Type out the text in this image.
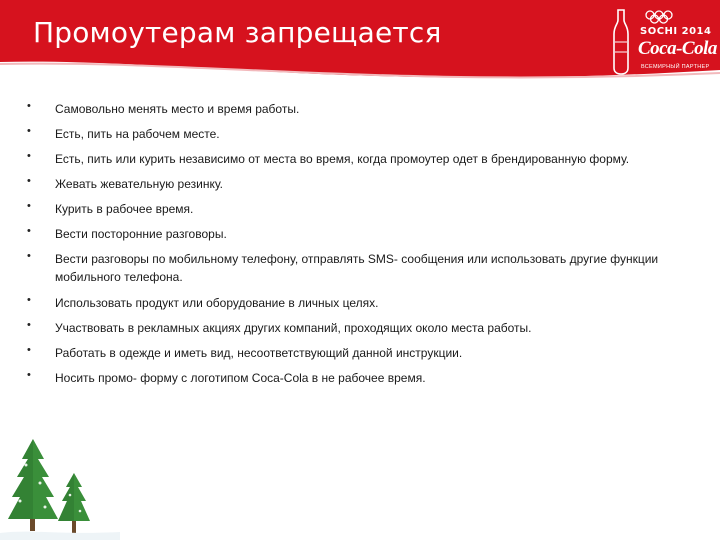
Промоутерам запрещается	SOCHI 2014
Coca-Cola
ВСЕМИРНЫЙ ПАРТНЕР
• Самовольно менять место и время работы.
• Есть, пить на рабочем месте.
• Есть, пить или курить независимо от места во время, когда промоутер одет в брендированную форму.
• Жевать жевательную резинку.
• Курить в рабочее время.
• Вести посторонние разговоры.
• Вести разговоры по мобильному телефону, отправлять SMS- сообщения или использовать другие функции мобильного телефона.
• Использовать продукт или оборудование в личных целях.
• Участвовать в рекламных акциях других компаний, проходящих около места работы.
• Работать в одежде и иметь вид, несоответствующий данной инструкции.
• Носить промо- форму с логотипом Coca-Cola в не рабочее время.
